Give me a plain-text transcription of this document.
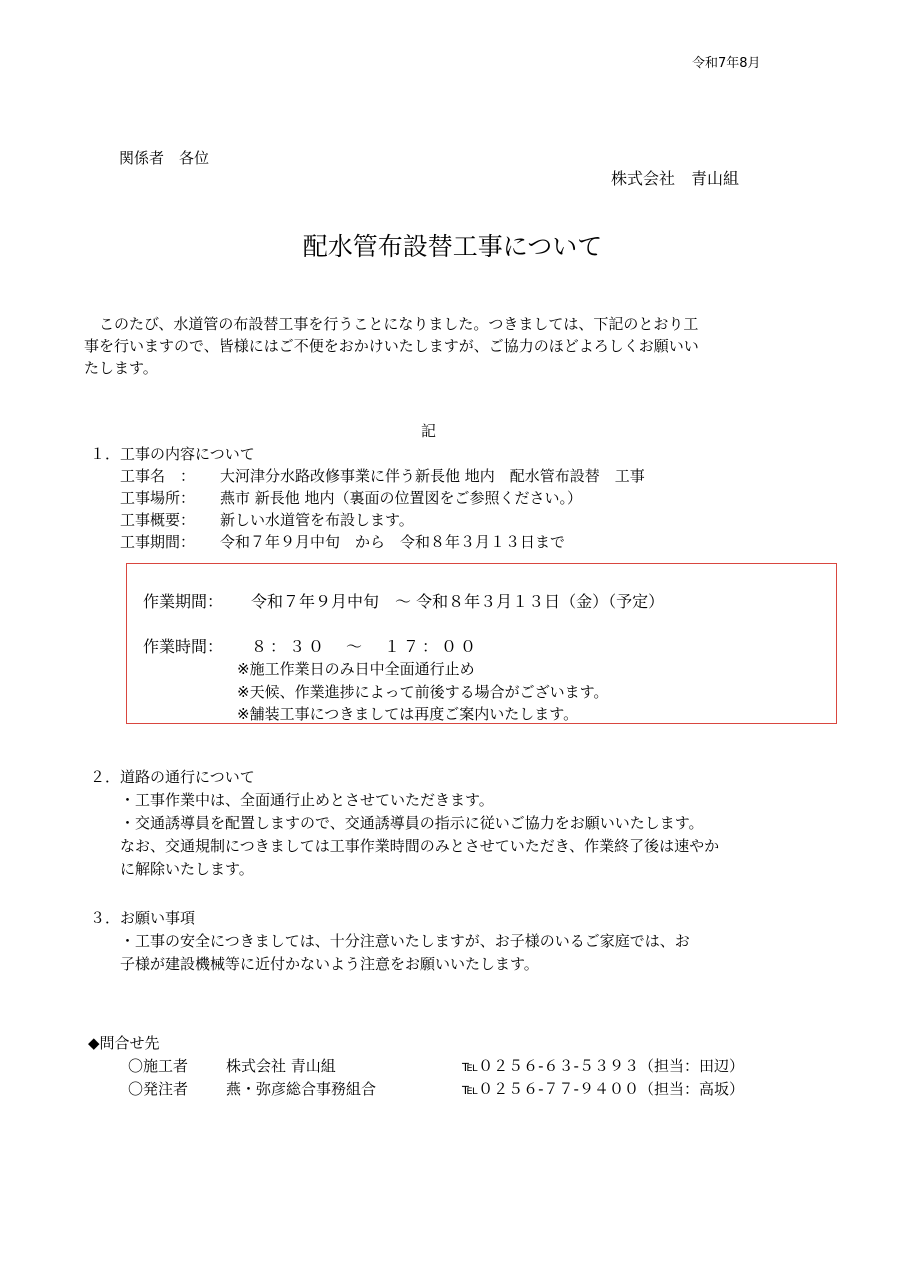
令和7年8月
関係者　各位
株式会社　青山組
配水管布設替工事について
　このたび、水道管の布設替工事を行うことになりました。つきましては、下記のとおり工
事を行いますので、皆様にはご不便をおかけいたしますが、ご協力のほどよろしくお願いい
たします。
記
１．工事の内容について
工事名　：	大河津分水路改修事業に伴う新長他 地内　配水管布設替　工事
工事場所：	燕市 新長他 地内（裏面の位置図をご参照ください。）
工事概要：	新しい水道管を布設します。
工事期間：	令和７年９月中旬　から　令和８年３月１３日まで
作業期間： 令和７年９月中旬　～ 令和８年３月１３日（金）（予定）
作業時間： ８：３０　～　１７：００
※施工作業日のみ日中全面通行止め
※天候、作業進捗によって前後する場合がございます。
※舗装工事につきましては再度ご案内いたします。
２．道路の通行について
・工事作業中は、全面通行止めとさせていただきます。
・交通誘導員を配置しますので、交通誘導員の指示に従いご協力をお願いいたします。
なお、交通規制につきましては工事作業時間のみとさせていただき、作業終了後は速やか
に解除いたします。
３．お願い事項
・工事の安全につきましては、十分注意いたしますが、お子様のいるご家庭では、お
子様が建設機械等に近付かないよう注意をお願いいたします。
◆問合せ先
〇施工者	株式会社 青山組	℡０２５６-６３-５３９３（担当：田辺）
〇発注者	燕・弥彦総合事務組合	℡０２５６-７７-９４００（担当：高坂）
